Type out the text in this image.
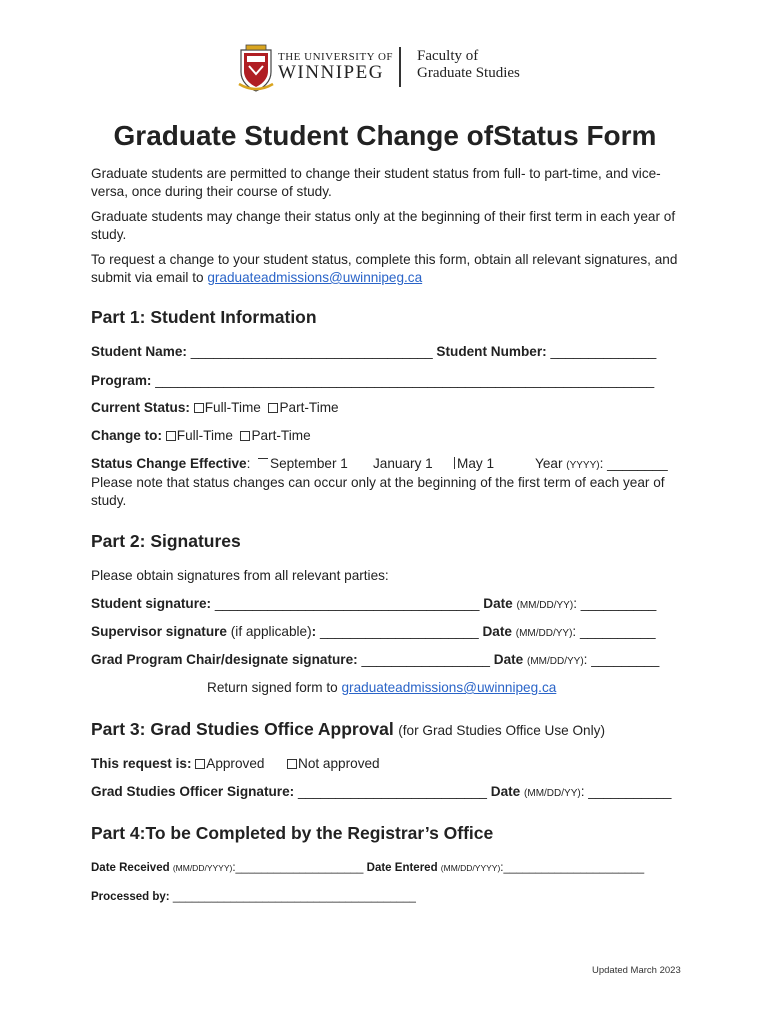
THE UNIVERSITY OF
WINNIPEG
Faculty of
Graduate Studies
Graduate Student Change ofStatus Form
Graduate students are permitted to change their student status from full- to part-time, and vice-versa, once during their course of study.
Graduate students may change their status only at the beginning of their first term in each year of study.
To request a change to your student status, complete this form, obtain all relevant signatures, and submit via email to graduateadmissions@uwinnipeg.ca
Part 1: Student Information
Student Name: ________________________________ Student Number: ______________
Program: __________________________________________________________________
Current Status: Full-Time Part-Time
Change to: Full-Time Part-Time
Status Change Effective:	September 1 January 1 May 1	Year (YYYY): ________
Please note that status changes can occur only at the beginning of the first term of each year of study.
Part 2: Signatures
Please obtain signatures from all relevant parties:
Student signature: ___________________________________ Date (MM/DD/YY): __________
Supervisor signature (if applicable): _____________________ Date (MM/DD/YY): __________
Grad Program Chair/designate signature: _________________ Date (MM/DD/YY): _________
Return signed form to graduateadmissions@uwinnipeg.ca
Part 3: Grad Studies Office Approval (for Grad Studies Office Use Only)
This request is: Approved	Not approved
Grad Studies Officer Signature: _________________________ Date (MM/DD/YY): ___________
Part 4:To be Completed by the Registrar’s Office
Date Received (MM/DD/YYYY):____________________ Date Entered (MM/DD/YYYY):______________________
Processed by: ______________________________________
Updated March 2023
